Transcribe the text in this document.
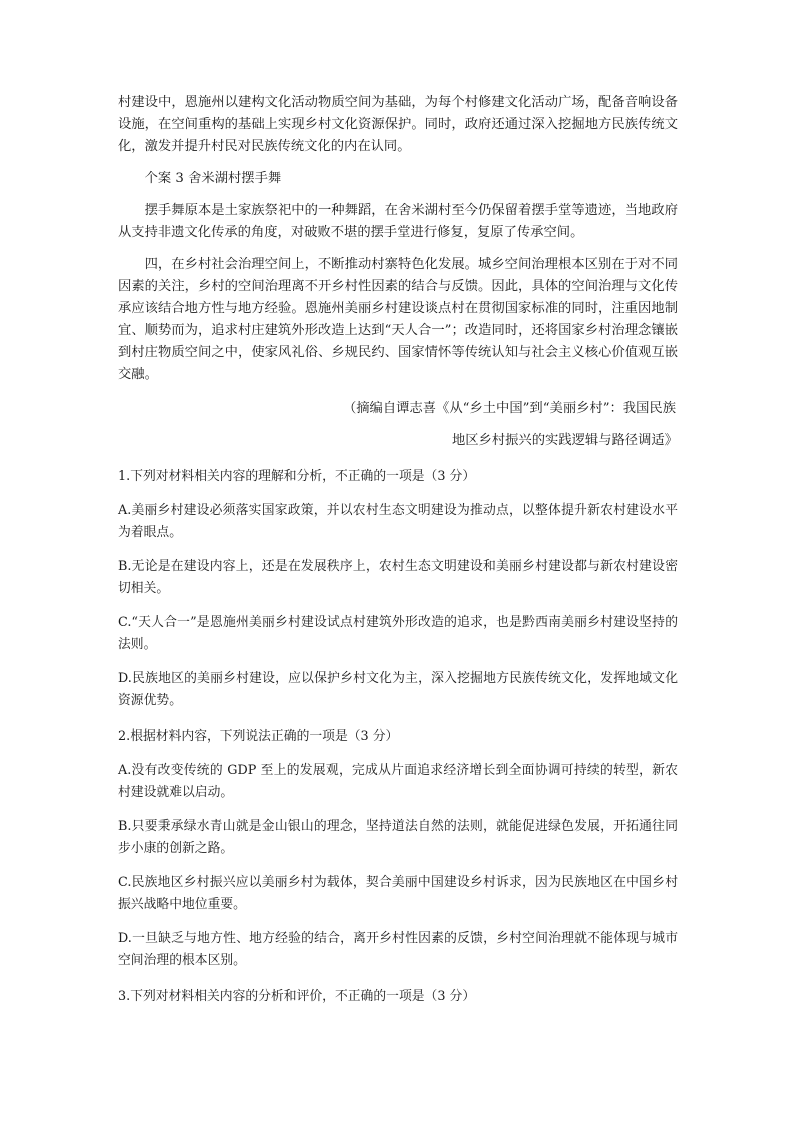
村建设中，恩施州以建构文化活动物质空间为基础，为每个村修建文化活动广场，配备音响设备设施，在空间重构的基础上实现乡村文化资源保护。同时，政府还通过深入挖掘地方民族传统文化，激发并提升村民对民族传统文化的内在认同。

个案 3 舍米湖村摆手舞

摆手舞原本是土家族祭祀中的一种舞蹈，在舍米湖村至今仍保留着摆手堂等遗迹，当地政府从支持非遗文化传承的角度，对破败不堪的摆手堂进行修复，复原了传承空间。

四，在乡村社会治理空间上，不断推动村寨特色化发展。城乡空间治理根本区别在于对不同因素的关注，乡村的空间治理离不开乡村性因素的结合与反馈。因此，具体的空间治理与文化传承应该结合地方性与地方经验。恩施州美丽乡村建设谈点村在贯彻国家标准的同时，注重因地制宜、顺势而为，追求村庄建筑外形改造上达到“天人合一”；改造同时，还将国家乡村治理念镶嵌到村庄物质空间之中，使家风礼俗、乡规民约、国家情怀等传统认知与社会主义核心价值观互嵌交融。

（摘编自谭志喜《从“乡土中国”到“美丽乡村”：我国民族

地区乡村振兴的实践逻辑与路径调适》

1.下列对材料相关内容的理解和分析，不正确的一项是（3 分）

A.美丽乡村建设必须落实国家政策，并以农村生态文明建设为推动点，以整体提升新农村建设水平为着眼点。

B.无论是在建设内容上，还是在发展秩序上，农村生态文明建设和美丽乡村建设都与新农村建设密切相关。

C.“天人合一”是恩施州美丽乡村建设试点村建筑外形改造的追求，也是黔西南美丽乡村建设坚持的法则。

D.民族地区的美丽乡村建设，应以保护乡村文化为主，深入挖掘地方民族传统文化，发挥地域文化资源优势。

2.根据材料内容，下列说法正确的一项是（3 分）

A.没有改变传统的 GDP 至上的发展观，完成从片面追求经济增长到全面协调可持续的转型，新农村建设就难以启动。

B.只要秉承绿水青山就是金山银山的理念，坚持道法自然的法则，就能促进绿色发展，开拓通往同步小康的创新之路。

C.民族地区乡村振兴应以美丽乡村为载体，契合美丽中国建设乡村诉求，因为民族地区在中国乡村振兴战略中地位重要。

D.一旦缺乏与地方性、地方经验的结合，离开乡村性因素的反馈，乡村空间治理就不能体现与城市空间治理的根本区别。

3.下列对材料相关内容的分析和评价，不正确的一项是（3 分）
